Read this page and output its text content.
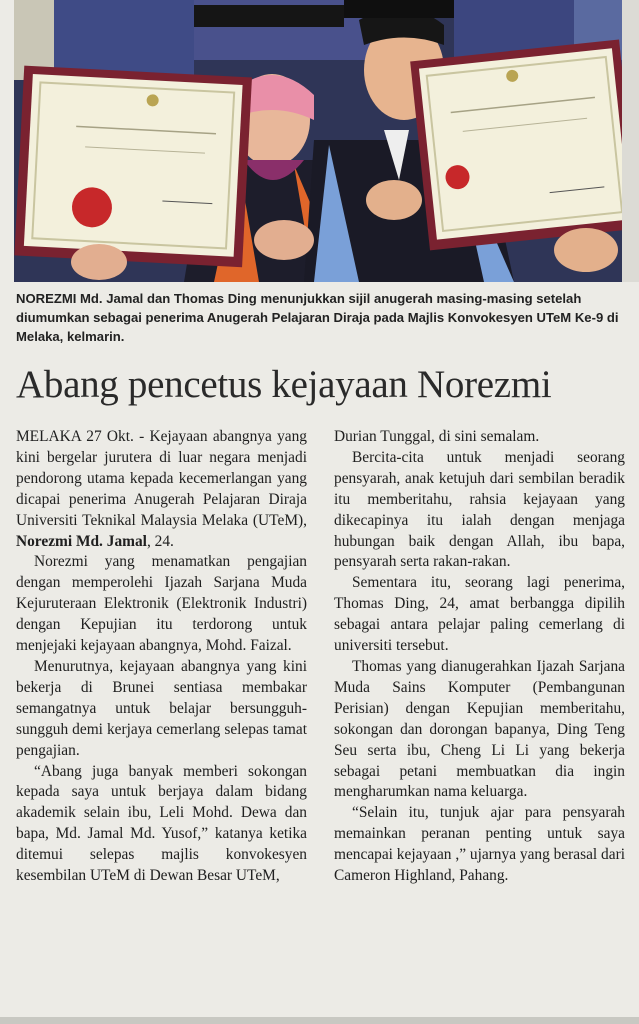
NOREZMI Md. Jamal dan Thomas Ding menunjukkan sijil anugerah masing-masing setelah diumumkan sebagai penerima Anugerah Pelajaran Diraja pada Majlis Konvokesyen UTeM Ke-9 di Melaka, kelmarin.

Abang pencetus kejayaan Norezmi

MELAKA 27 Okt. - Kejayaan abangnya yang kini bergelar jurutera di luar negara menjadi pendorong utama kepada kecemerlangan yang dicapai penerima Anugerah Pelajaran Diraja Universiti Teknikal Malaysia Melaka (UTeM), Norezmi Md. Jamal, 24.

Norezmi yang menamatkan pengajian dengan memperolehi Ijazah Sarjana Muda Kejuruteraan Elektronik (Elektronik Industri) dengan Kepujian itu terdorong untuk menjejaki kejayaan abangnya, Mohd. Faizal.

Menurutnya, kejayaan abangnya yang kini bekerja di Brunei sentiasa membakar semangatnya untuk belajar bersungguh-sungguh demi kerjaya cemerlang selepas tamat pengajian.

“Abang juga banyak memberi sokongan kepada saya untuk berjaya dalam bidang akademik selain ibu, Leli Mohd. Dewa dan bapa, Md. Jamal Md. Yusof,” katanya ketika ditemui selepas majlis konvokesyen kesembilan UTeM di Dewan Besar UTeM,

Durian Tunggal, di sini semalam.

Bercita-cita untuk menjadi seorang pensyarah, anak ketujuh dari sembilan beradik itu memberitahu, rahsia kejayaan yang dikecapinya itu ialah dengan menjaga hubungan baik dengan Allah, ibu bapa, pensyarah serta rakan-rakan.

Sementara itu, seorang lagi penerima, Thomas Ding, 24, amat berbangga dipilih sebagai antara pelajar paling cemerlang di universiti tersebut.

Thomas yang dianugerahkan Ijazah Sarjana Muda Sains Komputer (Pembangunan Perisian) dengan Kepujian memberitahu, sokongan dan dorongan bapanya, Ding Teng Seu serta ibu, Cheng Li Li yang bekerja sebagai petani membuatkan dia ingin mengharumkan nama keluarga.

“Selain itu, tunjuk ajar para pensyarah memainkan peranan penting untuk saya mencapai kejayaan ,” ujarnya yang berasal dari Cameron Highland, Pahang.
